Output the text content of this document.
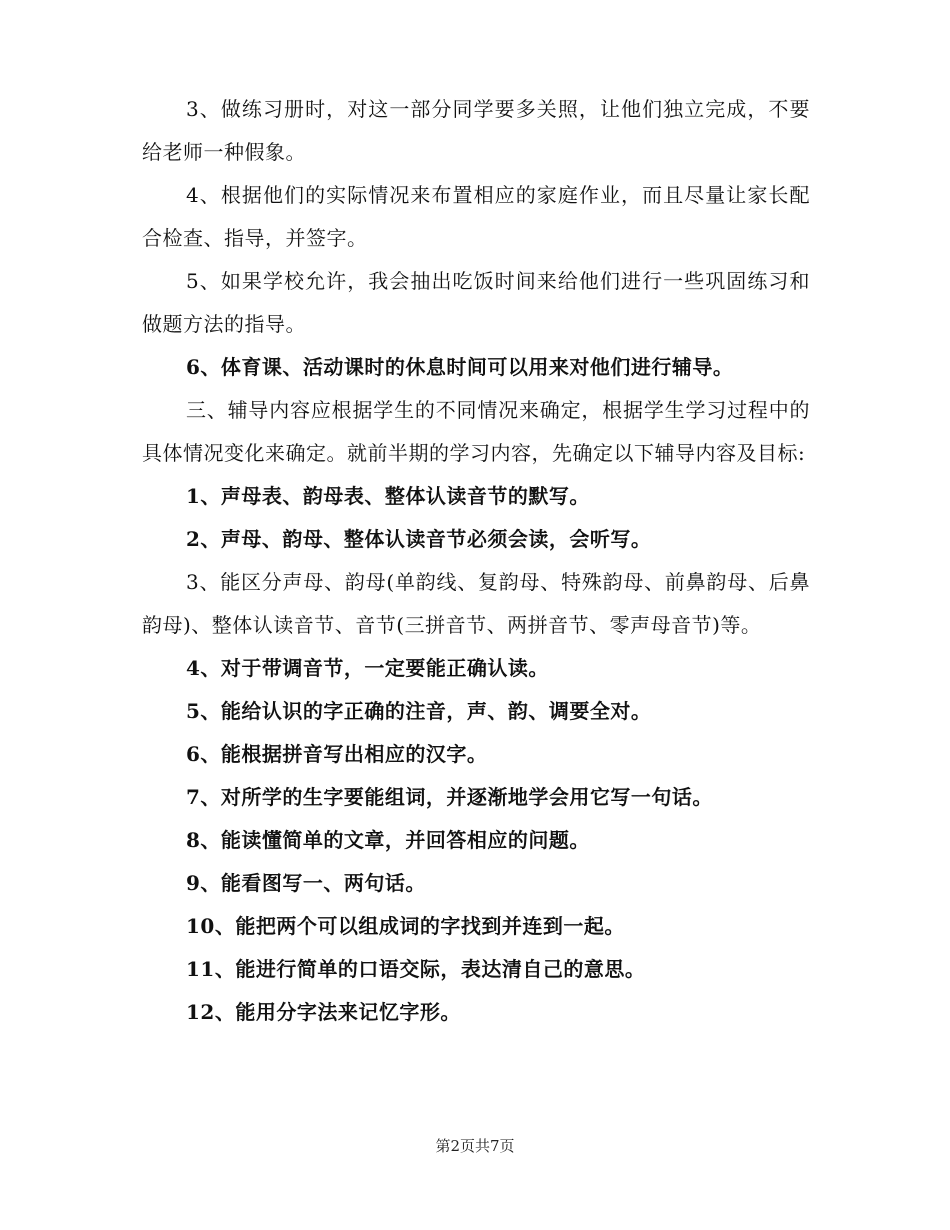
3、做练习册时，对这一部分同学要多关照，让他们独立完成，不要给老师一种假象。

4、根据他们的实际情况来布置相应的家庭作业，而且尽量让家长配合检查、指导，并签字。

5、如果学校允许，我会抽出吃饭时间来给他们进行一些巩固练习和做题方法的指导。

6、体育课、活动课时的休息时间可以用来对他们进行辅导。

三、辅导内容应根据学生的不同情况来确定，根据学生学习过程中的具体情况变化来确定。就前半期的学习内容，先确定以下辅导内容及目标:

1、声母表、韵母表、整体认读音节的默写。

2、声母、韵母、整体认读音节必须会读，会听写。

3、能区分声母、韵母(单韵线、复韵母、特殊韵母、前鼻韵母、后鼻韵母)、整体认读音节、音节(三拼音节、两拼音节、零声母音节)等。

4、对于带调音节，一定要能正确认读。

5、能给认识的字正确的注音，声、韵、调要全对。

6、能根据拼音写出相应的汉字。

7、对所学的生字要能组词，并逐渐地学会用它写一句话。

8、能读懂简单的文章，并回答相应的问题。

9、能看图写一、两句话。

10、能把两个可以组成词的字找到并连到一起。

11、能进行简单的口语交际，表达清自己的意思。

12、能用分字法来记忆字形。

第2页共7页
